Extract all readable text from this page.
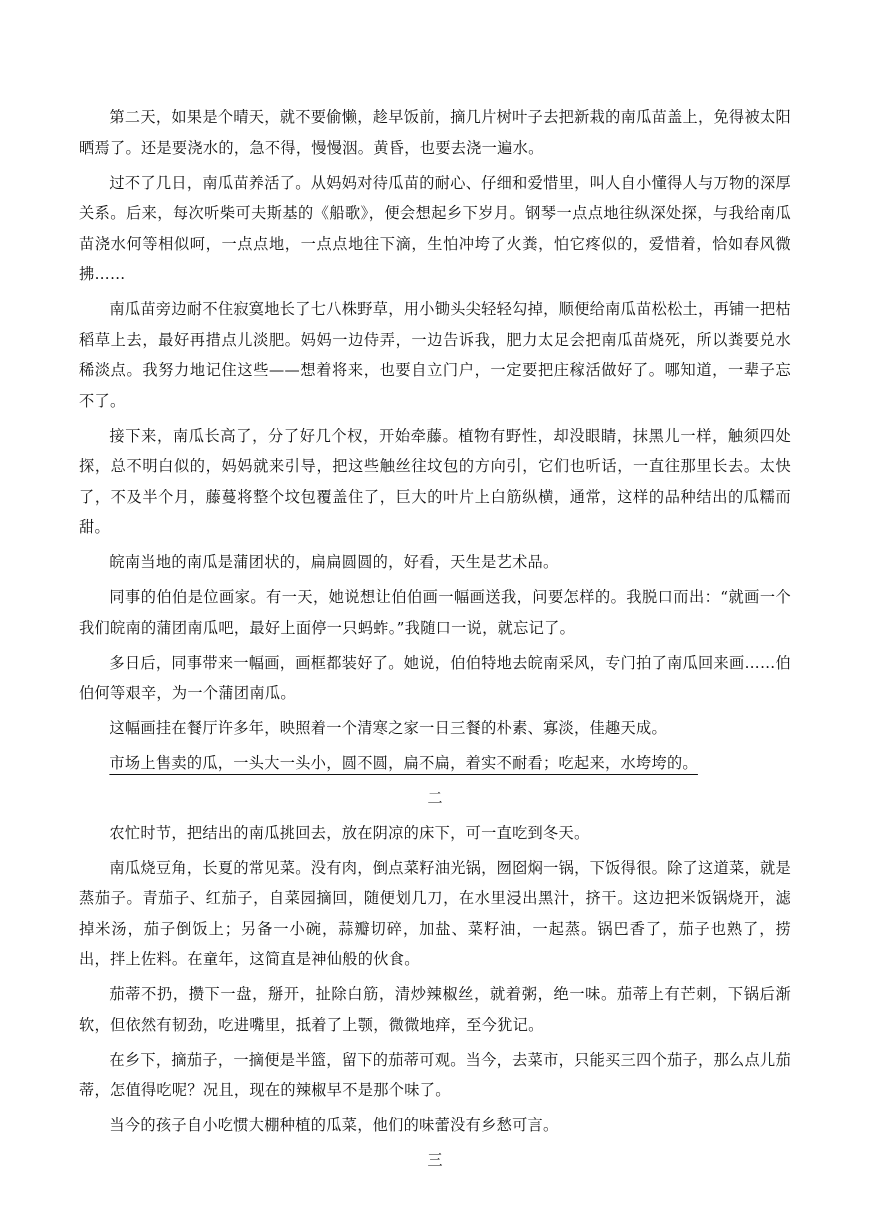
第二天，如果是个晴天，就不要偷懒，趁早饭前，摘几片树叶子去把新栽的南瓜苗盖上，免得被太阳晒焉了。还是要浇水的，急不得，慢慢洇。黄昏，也要去浇一遍水。

过不了几日，南瓜苗养活了。从妈妈对待瓜苗的耐心、仔细和爱惜里，叫人自小懂得人与万物的深厚关系。后来，每次听柴可夫斯基的《船歌》，便会想起乡下岁月。钢琴一点点地往纵深处探，与我给南瓜苗浇水何等相似呵，一点点地，一点点地往下滴，生怕冲垮了火粪，怕它疼似的，爱惜着，恰如春风微拂……

南瓜苗旁边耐不住寂寞地长了七八株野草，用小锄头尖轻轻勾掉，顺便给南瓜苗松松土，再铺一把枯稻草上去，最好再措点儿淡肥。妈妈一边侍弄，一边告诉我，肥力太足会把南瓜苗烧死，所以粪要兑水稀淡点。我努力地记住这些——想着将来，也要自立门户，一定要把庄稼活做好了。哪知道，一辈子忘不了。

接下来，南瓜长高了，分了好几个杈，开始牵藤。植物有野性，却没眼睛，抹黑儿一样，触须四处探，总不明白似的，妈妈就来引导，把这些触丝往坟包的方向引，它们也听话，一直往那里长去。太快了，不及半个月，藤蔓将整个坟包覆盖住了，巨大的叶片上白筋纵横，通常，这样的品种结出的瓜糯而甜。

皖南当地的南瓜是蒲团状的，扁扁圆圆的，好看，天生是艺术品。

同事的伯伯是位画家。有一天，她说想让伯伯画一幅画送我，问要怎样的。我脱口而出：“就画一个我们皖南的蒲团南瓜吧，最好上面停一只蚂蚱。”我随口一说，就忘记了。

多日后，同事带来一幅画，画框都装好了。她说，伯伯特地去皖南采风，专门拍了南瓜回来画……伯伯何等艰辛，为一个蒲团南瓜。

这幅画挂在餐厅许多年，映照着一个清寒之家一日三餐的朴素、寡淡，佳趣天成。

市场上售卖的瓜，一头大一头小，圆不圆，扁不扁，着实不耐看；吃起来，水垮垮的。

二

农忙时节，把结出的南瓜挑回去，放在阴凉的床下，可一直吃到冬天。

南瓜烧豆角，长夏的常见菜。没有肉，倒点菜籽油光锅，囫囵焖一锅，下饭得很。除了这道菜，就是蒸茄子。青茄子、红茄子，自菜园摘回，随便划几刀，在水里浸出黑汁，挤干。这边把米饭锅烧开，滤掉米汤，茄子倒饭上；另备一小碗，蒜瓣切碎，加盐、菜籽油，一起蒸。锅巴香了，茄子也熟了，捞出，拌上佐料。在童年，这简直是神仙般的伙食。

茄蒂不扔，攒下一盘，掰开，扯除白筋，清炒辣椒丝，就着粥，绝一味。茄蒂上有芒刺，下锅后渐软，但依然有韧劲，吃进嘴里，抵着了上颚，微微地痒，至今犹记。

在乡下，摘茄子，一摘便是半篮，留下的茄蒂可观。当今，去菜市，只能买三四个茄子，那么点儿茄蒂，怎值得吃呢？况且，现在的辣椒早不是那个味了。

当今的孩子自小吃惯大棚种植的瓜菜，他们的味蕾没有乡愁可言。

三
